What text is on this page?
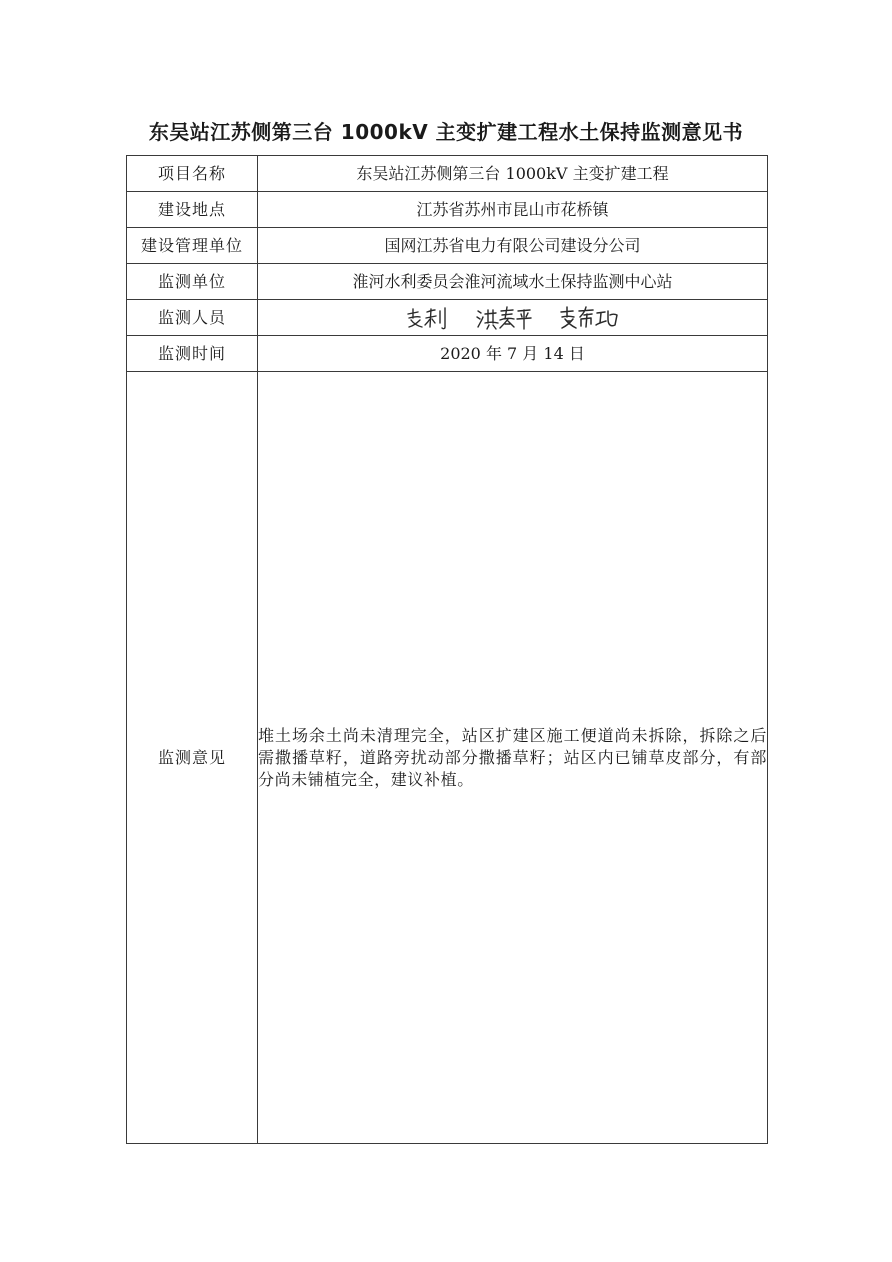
东吴站江苏侧第三台 1000kV 主变扩建工程水土保持监测意见书
项目名称	东吴站江苏侧第三台 1000kV 主变扩建工程
建设地点	江苏省苏州市昆山市花桥镇
建设管理单位	国网江苏省电力有限公司建设分公司
监测单位	淮河水利委员会淮河流域水土保持监测中心站
监测人员	

监测时间	2020 年 7 月 14 日
监测意见	堆土场余土尚未清理完全，站区扩建区施工便道尚未拆除，拆除之后需撒播草籽，道路旁扰动部分撒播草籽；站区内已铺草皮部分，有部分尚未铺植完全，建议补植。
